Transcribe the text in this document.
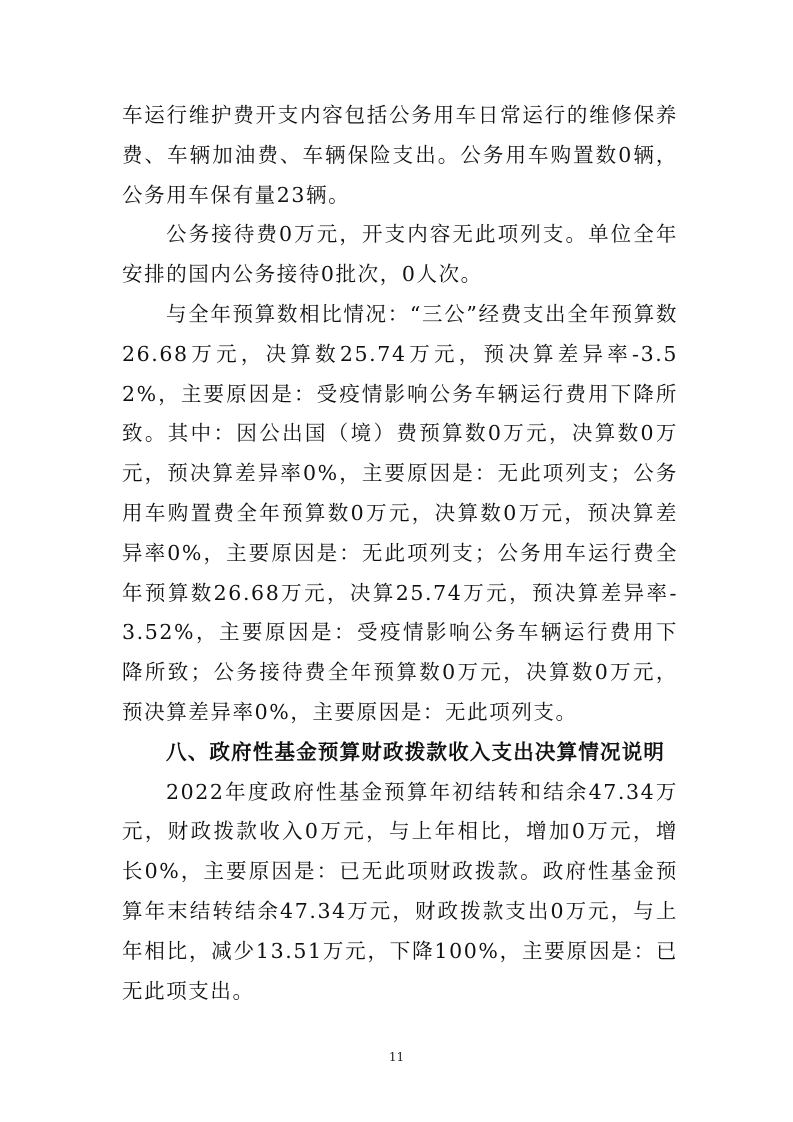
车运行维护费开支内容包括公务用车日常运行的维修保养费、车辆加油费、车辆保险支出。公务用车购置数0辆，公务用车保有量23辆。

公务接待费0万元，开支内容无此项列支。单位全年安排的国内公务接待0批次，0人次。

与全年预算数相比情况：“三公”经费支出全年预算数26.68万元，决算数25.74万元，预决算差异率-3.52%，主要原因是：受疫情影响公务车辆运行费用下降所致。其中：因公出国（境）费预算数0万元，决算数0万元，预决算差异率0%，主要原因是：无此项列支；公务用车购置费全年预算数0万元，决算数0万元，预决算差异率0%，主要原因是：无此项列支；公务用车运行费全年预算数26.68万元，决算25.74万元，预决算差异率-3.52%，主要原因是：受疫情影响公务车辆运行费用下降所致；公务接待费全年预算数0万元，决算数0万元，预决算差异率0%，主要原因是：无此项列支。

八、政府性基金预算财政拨款收入支出决算情况说明

2022年度政府性基金预算年初结转和结余47.34万元，财政拨款收入0万元，与上年相比，增加0万元，增长0%，主要原因是：已无此项财政拨款。政府性基金预算年末结转结余47.34万元，财政拨款支出0万元，与上年相比，减少13.51万元，下降100%，主要原因是：已无此项支出。

11
